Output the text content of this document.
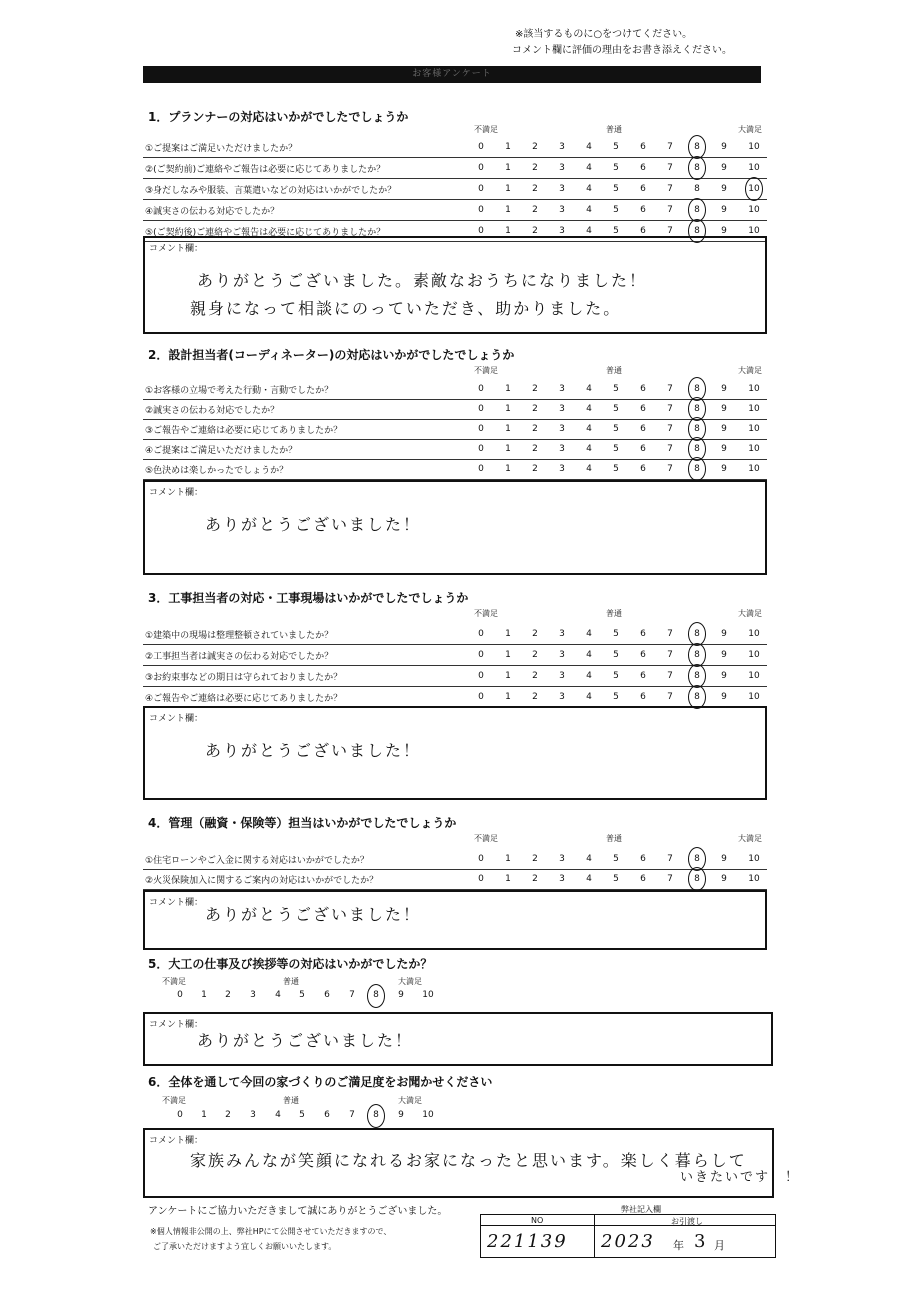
※該当するものに○をつけてください。
コメント欄に評価の理由をお書き添えください。
お客様アンケート
1．プランナーの対応はいかがでしたでしょうか
不満足	普通	大満足
①ご提案はご満足いただけましたか？	0	1	2	3	4	5	6	7	8	9	10
②(ご契約前)ご連絡やご報告は必要に応じてありましたか？	0	1	2	3	4	5	6	7	8	9	10
③身だしなみや服装、言葉遣いなどの対応はいかがでしたか？	0	1	2	3	4	5	6	7	8	9	10
④誠実さの伝わる対応でしたか？	0	1	2	3	4	5	6	7	8	9	10
⑤(ご契約後)ご連絡やご報告は必要に応じてありましたか？	0	1	2	3	4	5	6	7	8	9	10
コメント欄：
ありがとうございました。素敵なおうちになりました！
親身になって相談にのっていただき、助かりました。
2．設計担当者(コーディネーター)の対応はいかがでしたでしょうか
不満足	普通	大満足
①お客様の立場で考えた行動・言動でしたか？	0	1	2	3	4	5	6	7	8	9	10
②誠実さの伝わる対応でしたか？	0	1	2	3	4	5	6	7	8	9	10
③ご報告やご連絡は必要に応じてありましたか？	0	1	2	3	4	5	6	7	8	9	10
④ご提案はご満足いただけましたか？	0	1	2	3	4	5	6	7	8	9	10
⑤色決めは楽しかったでしょうか？	0	1	2	3	4	5	6	7	8	9	10
コメント欄：
ありがとうございました！
3．工事担当者の対応・工事現場はいかがでしたでしょうか
不満足	普通	大満足
①建築中の現場は整理整頓されていましたか？	0	1	2	3	4	5	6	7	8	9	10
②工事担当者は誠実さの伝わる対応でしたか？	0	1	2	3	4	5	6	7	8	9	10
③お約束事などの期日は守られておりましたか？	0	1	2	3	4	5	6	7	8	9	10
④ご報告やご連絡は必要に応じてありましたか？	0	1	2	3	4	5	6	7	8	9	10
コメント欄：
ありがとうございました！
4．管理（融資・保険等）担当はいかがでしたでしょうか
不満足	普通	大満足
①住宅ローンやご入金に関する対応はいかがでしたか？	0	1	2	3	4	5	6	7	8	9	10
②火災保険加入に関するご案内の対応はいかがでしたか？	0	1	2	3	4	5	6	7	8	9	10
コメント欄：
ありがとうございました！
5．大工の仕事及び挨拶等の対応はいかがでしたか？
不満足	普通	大満足
0	1	2	3	4	5	6	7	8	9	10
コメント欄：
ありがとうございました！
6．全体を通して今回の家づくりのご満足度をお聞かせください
不満足	普通	大満足
0	1	2	3	4	5	6	7	8	9	10
コメント欄：
家族みんなが笑顔になれるお家になったと思います。楽しく暮らして
いきたいです！！
アンケートにご協力いただきまして誠にありがとうございました。
※個人情報非公開の上、弊社HPにて公開させていただきますので、
ご了承いただけますよう宜しくお願いいたします。
弊社記入欄
NO	お引渡し
221139 2023 年 3 月
